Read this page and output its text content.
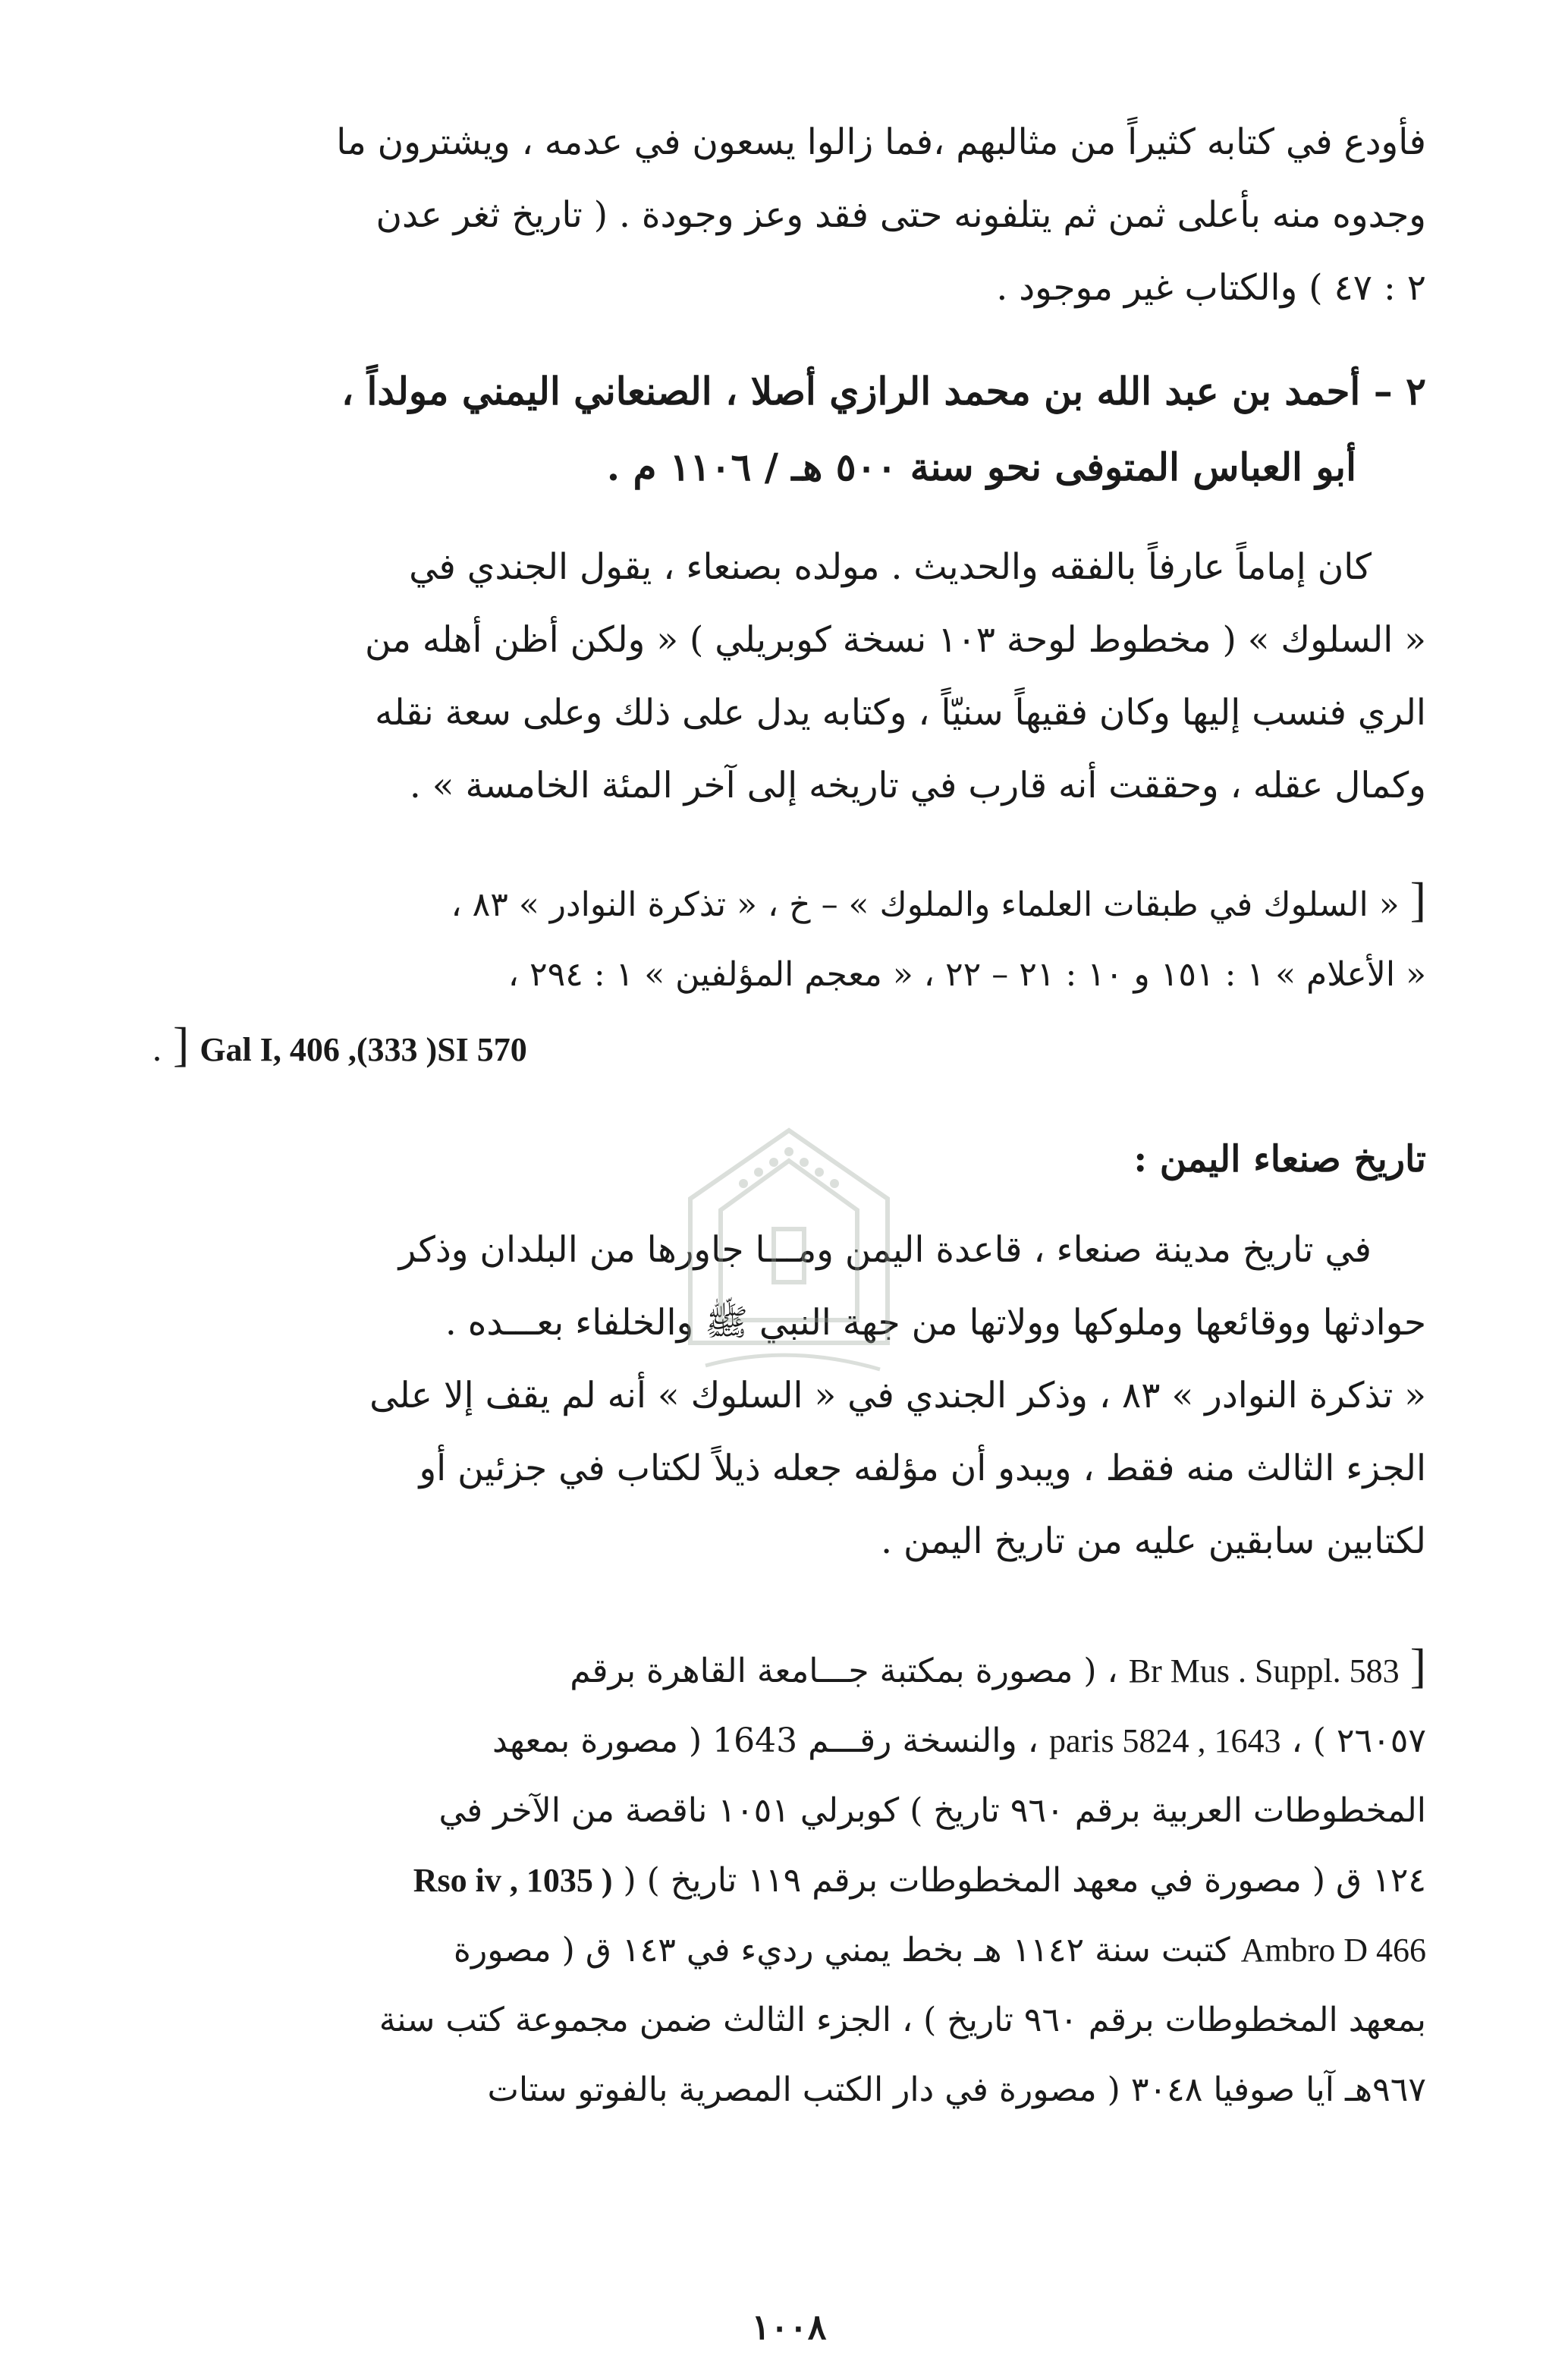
فأودع في كتابه كثيراً من مثالبهم ،فما زالوا يسعون في عدمه ، ويشترون ما
وجدوه منه بأعلى ثمن ثم يتلفونه حتى فقد وعز وجودة . ( تاريخ ثغر عدن
٢ : ٤٧ ) والكتاب غير موجود .
٢ – أحمد بن عبد الله بن محمد الرازي أصلا ، الصنعاني اليمني مولداً ،
أبو العباس المتوفى نحو سنة ٥٠٠ هـ / ١١٠٦ م .
كان إماماً عارفاً بالفقه والحديث . مولده بصنعاء ، يقول الجندي في
« السلوك » ( مخطوط لوحة ١٠٣ نسخة كوبريلي ) « ولكن أظن أهله من
الري فنسب إليها وكان فقيهاً سنيّاً ، وكتابه يدل على ذلك وعلى سعة نقله
وكمال عقله ، وحققت أنه قارب في تاريخه إلى آخر المئة الخامسة » .
[ « السلوك في طبقات العلماء والملوك » – خ ، « تذكرة النوادر » ٨٣ ،
« الأعلام » ١ : ١٥١ و ١٠ : ٢١ – ٢٢ ، « معجم المؤلفين » ١ : ٢٩٤ ،
. ] Gal I, 406 ,(333 )SI 570
تاريخ صنعاء اليمن :
في تاريخ مدينة صنعاء ، قاعدة اليمن ومـــا جاورها من البلدان وذكر
حوادثها ووقائعها وملوكها وولاتها من جهة النبي ﷺ والخلفاء بعـــده .
« تذكرة النوادر » ٨٣ ، وذكر الجندي في « السلوك » أنه لم يقف إلا على
الجزء الثالث منه فقط ، ويبدو أن مؤلفه جعله ذيلاً لكتاب في جزئين أو
لكتابين سابقين عليه من تاريخ اليمن .
[ Br Mus . Suppl. 583 ، ( مصورة بمكتبة جـــامعة القاهرة برقم
٢٦٠٥٧ ) ، paris 5824 , 1643 ، والنسخة رقـــم 1643 ( مصورة بمعهد
المخطوطات العربية برقم ٩٦٠ تاريخ ) كوبرلي ١٠٥١ ناقصة من الآخر في
١٢٤ ق ( مصورة في معهد المخطوطات برقم ١١٩ تاريخ ) ( Rso iv , 1035 )
Ambro D 466 كتبت سنة ١١٤٢ هـ بخط يمني رديء في ١٤٣ ق ( مصورة
بمعهد المخطوطات برقم ٩٦٠ تاريخ ) ، الجزء الثالث ضمن مجموعة كتب سنة
٩٦٧هـ آيا صوفيا ٣٠٤٨ ( مصورة في دار الكتب المصرية بالفوتو ستات
١٠٠٨
